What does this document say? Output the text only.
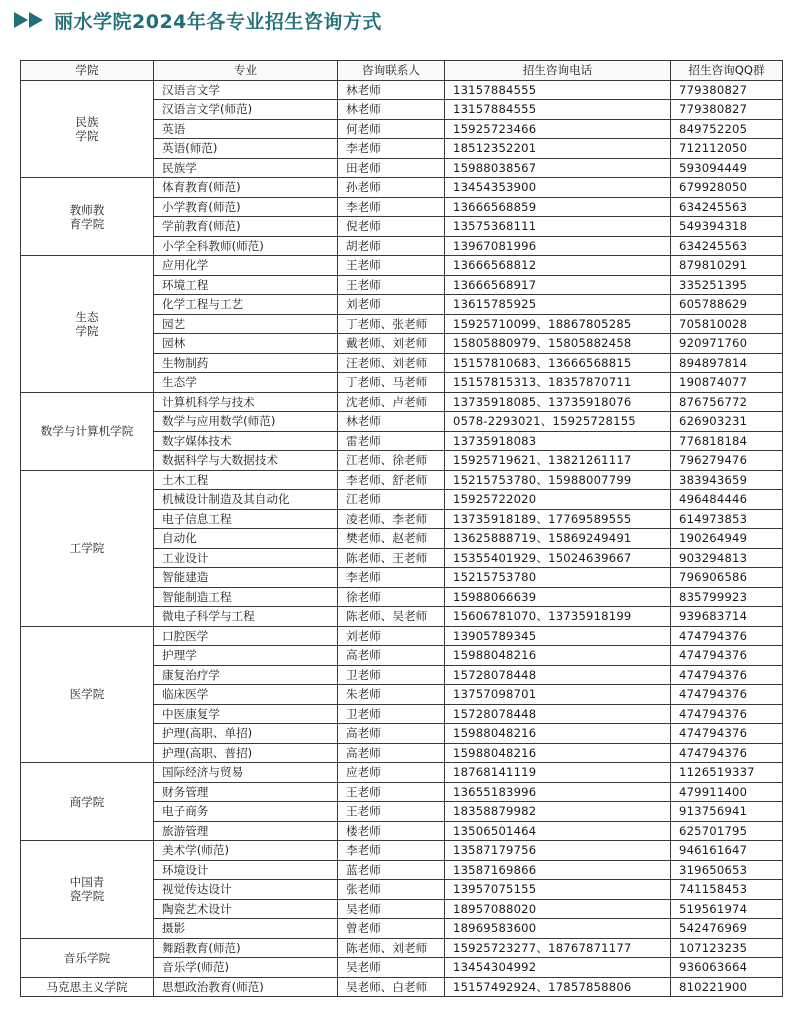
丽水学院2024年各专业招生咨询方式
学院	专业	咨询联系人	招生咨询电话	招生咨询QQ群
民族
学院	汉语言文学	林老师	13157884555	779380827
	汉语言文学(师范)	林老师	13157884555	779380827
	英语	何老师	15925723466	849752205
	英语(师范)	李老师	18512352201	712112050
	民族学	田老师	15988038567	593094449
教师教
育学院	体育教育(师范)	孙老师	13454353900	679928050
	小学教育(师范)	李老师	13666568859	634245563
	学前教育(师范)	倪老师	13575368111	549394318
	小学全科教师(师范)	胡老师	13967081996	634245563
生态
学院	应用化学	王老师	13666568812	879810291
	环境工程	王老师	13666568917	335251395
	化学工程与工艺	刘老师	13615785925	605788629
	园艺	丁老师、张老师	15925710099、18867805285	705810028
	园林	戴老师、刘老师	15805880979、15805882458	920971760
	生物制药	汪老师、刘老师	15157810683、13666568815	894897814
	生态学	丁老师、马老师	15157815313、18357870711	190874077
数学与计算机学院	计算机科学与技术	沈老师、卢老师	13735918085、13735918076	876756772
	数学与应用数学(师范)	林老师	0578-2293021、15925728155	626903231
	数字媒体技术	雷老师	13735918083	776818184
	数据科学与大数据技术	江老师、徐老师	15925719621、13821261117	796279476
工学院	土木工程	李老师、舒老师	15215753780、15988007799	383943659
	机械设计制造及其自动化	江老师	15925722020	496484446
	电子信息工程	凌老师、李老师	13735918189、17769589555	614973853
	自动化	樊老师、赵老师	13625888719、15869249491	190264949
	工业设计	陈老师、王老师	15355401929、15024639667	903294813
	智能建造	李老师	15215753780	796906586
	智能制造工程	徐老师	15988066639	835799923
	微电子科学与工程	陈老师、吴老师	15606781070、13735918199	939683714
医学院	口腔医学	刘老师	13905789345	474794376
	护理学	高老师	15988048216	474794376
	康复治疗学	卫老师	15728078448	474794376
	临床医学	朱老师	13757098701	474794376
	中医康复学	卫老师	15728078448	474794376
	护理(高职、单招)	高老师	15988048216	474794376
	护理(高职、普招)	高老师	15988048216	474794376
商学院	国际经济与贸易	应老师	18768141119	1126519337
	财务管理	王老师	13655183996	479911400
	电子商务	王老师	18358879982	913756941
	旅游管理	楼老师	13506501464	625701795
中国青
瓷学院	美术学(师范)	李老师	13587179756	946161647
	环境设计	蓝老师	13587169866	319650653
	视觉传达设计	张老师	13957075155	741158453
	陶瓷艺术设计	吴老师	18957088020	519561974
	摄影	曾老师	18969583600	542476969
音乐学院	舞蹈教育(师范)	陈老师、刘老师	15925723277、18767871177	107123235
	音乐学(师范)	吴老师	13454304992	936063664
马克思主义学院	思想政治教育(师范)	吴老师、白老师	15157492924、17857858806	810221900
